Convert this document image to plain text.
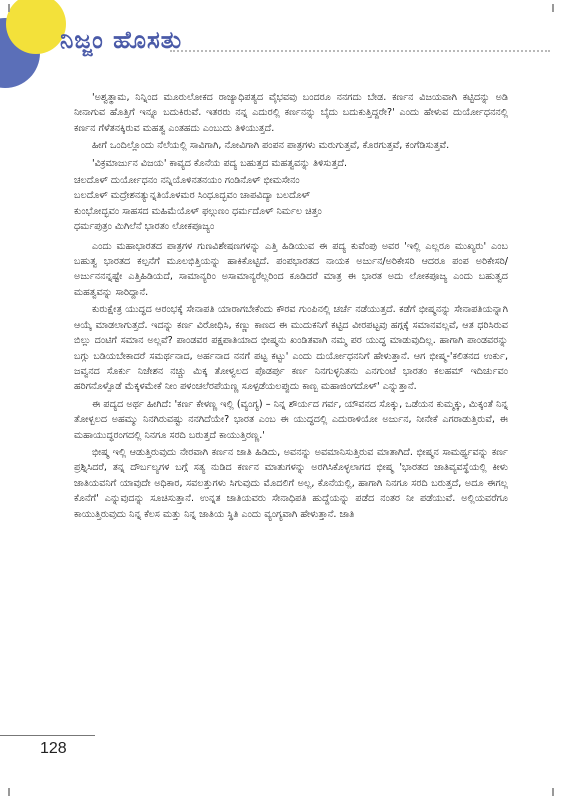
ನಿಜ್ಜಂ ಹೊಸತು

'ಅಶ್ವತ್ಥಾಮ, ನಿನ್ನಿಂದ ಮೂರುಲೋಕದ ರಾಜ್ಯಾಧಿಪತ್ಯದ ವೈಭವವು ಬಂದರೂ ನನಗದು ಬೇಡ. ಕರ್ಣನ ವಿಜಯವಾಗಿ ಕಟ್ಟಿದನ್ನು ಅಡಿ ನೀನಾಗುವ ಹೊತ್ತಿಗೆ ಇನ್ನೂ ಬದುಕಿರುವೆ. ಇತರರು ನನ್ನ ಎದುರಲ್ಲಿ ಕರ್ಣನನ್ನು ಬೈದು ಬದುಕುತ್ತಿದ್ದರೇ?' ಎಂದು ಹೇಳುವ ದುರ್ಯೋಧನನಲ್ಲಿ ಕರ್ಣನ ಗೆಳೆತನಕ್ಕಿರುವ ಮಹತ್ವ ಎಂತಹದು ಎಂಬುದು ತಿಳಿಯುತ್ತದೆ.

ಹೀಗೆ ಒಂದಿಲ್ಲೊಂದು ನೆಲೆಯಲ್ಲಿ ಸಾವಿಗಾಗಿ, ನೋವಿಗಾಗಿ ಪಂಪನ ಪಾತ್ರಗಳು ಮರುಗುತ್ತವೆ, ಕೊರಗುತ್ತವೆ, ಕಂಗೆಡಿಸುತ್ತವೆ.

'ವಿಕ್ರಮಾರ್ಜುನ ವಿಜಯ' ಕಾವ್ಯದ ಕೊನೆಯ ಪದ್ಯ ಬಹುತ್ತದ ಮಹತ್ವವನ್ನು ತಿಳಿಸುತ್ತದೆ.

ಚಲದೊಳ್ ದುರ್ಯೋಧನಂ ನನ್ನಿಯೊಳಿನತನಯಂ ಗಂಡಿನೊಳ್ ಭೀಮಸೇನಂ
ಬಲದೊಳ್ ಮದ್ರೇಶನತ್ಯುನ್ನತಿಯೊಳಮರ ಸಿಂಧೂದ್ಭವಂ ಚಾಪವಿದ್ಯಾ ಬಲದೊಳ್
ಕುಂಭೋದ್ಭವಂ ಸಾಹಸದ ಮಹಿಮೆಯೊಳ್ ಫಲ್ಗುಣಂ ಧರ್ಮದೊಳ್ ನಿರ್ಮಲ ಚಿತ್ತಂ
ಧರ್ಮಪುತ್ರಂ ಮಿಗಿಲೆನೆ ಭಾರತಂ ಲೋಕಪೂಜ್ಯಂ

ಎಂದು ಮಹಾಭಾರತದ ಪಾತ್ರಗಳ ಗುಣವಿಶೇಷಣಗಳನ್ನು ಎತ್ತಿ ಹಿಡಿಯುವ ಈ ಪದ್ಯ ಕುವೆಂಪು ಅವರ 'ಇಲ್ಲಿ ಎಲ್ಲರೂ ಮುಖ್ಯರು' ಎಂಬ ಬಹುತ್ವ ಭಾರತದ ಕಲ್ಪನೆಗೆ ಮೂಲಭಿತ್ತಿಯನ್ನು ಹಾಕಿಕೊಟ್ಟಿದೆ. ಪಂಪಭಾರತದ ನಾಯಕ ಅರ್ಜುನ/ಅರಿಕೇಸರಿ ಆದರೂ ಪಂಪ ಅರಿಕೇಸರಿ/ ಅರ್ಜುನನನ್ನಷ್ಟೇ ಎತ್ತಿಹಿಡಿಯದೆ, ಸಾಮಾನ್ಯರಿಂ ಅಸಾಮಾನ್ಯರೆಲ್ಲರಿಂದ ಕೂಡಿದರೆ ಮಾತ್ರ ಈ ಭಾರತ ಅದು ಲೋಕಪೂಜ್ಯ ಎಂದು ಬಹುತ್ವದ ಮಹತ್ವವನ್ನು ಸಾರಿದ್ದಾನೆ.

ಕುರುಕ್ಷೇತ್ರ ಯುದ್ಧದ ಆರಂಭಕ್ಕೆ ಸೇನಾಪತಿ ಯಾರಾಗಬೇಕೆಂದು ಕೌರವ ಗುಂಪಿನಲ್ಲಿ ಚರ್ಚೆ ನಡೆಯುತ್ತದೆ. ಕಡೆಗೆ ಭೀಷ್ಮನನ್ನು ಸೇನಾಪತಿಯನ್ನಾಗಿ ಆಯ್ಕೆ ಮಾಡಲಾಗುತ್ತದೆ. ಇದನ್ನು ಕರ್ಣ ವಿರೋಧಿಸಿ, ಕಣ್ಣು ಕಾಣದ ಈ ಮುದುಕನಿಗೆ ಕಟ್ಟಿದ ವೀರಪಟ್ಟವು ಹಗ್ಗಕ್ಕೆ ಸಮಾನವಲ್ಲವೆ, ಆತ ಧರಿಸಿರುವ ಬಿಲ್ಲು ದಂಟಿಗೆ ಸಮಾನ ಅಲ್ಲವೆ? ಪಾಂಡವರ ಪಕ್ಷಪಾತಿಯಾದ ಭೀಷ್ಮನು ಖಂಡಿತವಾಗಿ ನಮ್ಮ ಪರ ಯುದ್ಧ ಮಾಡುವುದಿಲ್ಲ. ಹಾಗಾಗಿ ಪಾಂಡವರನ್ನು ಬಗ್ಗು ಬಡಿಯಬೇಕಾದರೆ ಸಮರ್ಥನಾದ, ಅರ್ಹನಾದ ನನಗೆ ಪಟ್ಟ ಕಟ್ಟು' ಎಂದು ದುರ್ಯೋಧನನಿಗೆ ಹೇಳುತ್ತಾನೆ. ಆಗ ಭೀಷ್ಮ-'ಕಲಿತನದ ಉರ್ಕು, ಜವ್ವನದ ಸೊರ್ಕು ನಿಜೇಶನ ನಚ್ಚು ಮಿಕ್ಕ ತೋಳ್ವಲದ ಪೊಡರ್ಪು ಕರ್ಣ ನಿನಗುಳ್ಳನಿತನು ಎನಗುಂಟೆ ಭಾರತಂ ಕಲಹಮ್ ಇದಿರ್ಚುವಂ ಹರಿಗನೊಳ್ಪೊಡೆ ಮೆಕ್ಕಳಮೇಕೆ ನೀಂ ಪಳಂಚಲೆರಪೆಯಣ್ಣ ಸೂಳ್ಪಡೆಯಲಪ್ಪುದು ಕಾಣ್ಬ ಮಹಾಜಿಂಗದೊಳ್' ಎನ್ನುತ್ತಾನೆ.

ಈ ಪದ್ಯದ ಅರ್ಥ ಹೀಗಿದೆ: 'ಕರ್ಣ ಕೇಳಣ್ಣ ಇಲ್ಲಿ (ವ್ಯಂಗ್ಯ) – ನಿನ್ನ ಶೌರ್ಯದ ಗರ್ವ, ಯೌವನದ ಸೊಕ್ಕು, ಒಡೆಯನ ಕುಮ್ಮಕ್ಕು, ಮಿಕ್ಕಂತೆ ನಿನ್ನ ತೋಳ್ಬಲದ ಅಹಮ್ಮು ನಿನಗಿರುವಷ್ಟು ನನಗಿದೆಯೇ? ಭಾರತ ಎಂಬ ಈ ಯುದ್ಧದಲ್ಲಿ ಎದುರಾಳಿಯೋ ಅರ್ಜುನ, ನೀನೇಕೆ ಎಗರಾಡುತ್ತಿರುವೆ, ಈ ಮಹಾಯುದ್ಧರಂಗದಲ್ಲಿ ನಿನಗೂ ಸರದಿ ಬರುತ್ತದೆ ಕಾಯುತ್ತಿರಣ್ಣ.'

ಭೀಷ್ಮ ಇಲ್ಲಿ ಆಡುತ್ತಿರುವುದು ನೇರವಾಗಿ ಕರ್ಣನ ಜಾತಿ ಹಿಡಿದು, ಅವನನ್ನು ಅವಮಾನಿಸುತ್ತಿರುವ ಮಾತಾಗಿದೆ. ಭೀಷ್ಮನ ಸಾಮರ್ಥ್ಯವನ್ನು ಕರ್ಣ ಪ್ರಶ್ನಿಸಿದರೆ, ತನ್ನ ದೌರ್ಬಲ್ಯಗಳ ಬಗ್ಗೆ ಸತ್ಯ ನುಡಿದ ಕರ್ಣನ ಮಾತುಗಳನ್ನು ಅರಗಿಸಿಕೊಳ್ಳಲಾಗದ ಭೀಷ್ಮ 'ಭಾರತದ ಜಾತಿವ್ಯವಸ್ಥೆಯಲ್ಲಿ ಕೀಳು ಜಾತಿಯವನಿಗೆ ಯಾವುದೇ ಅಧಿಕಾರ, ಸವಲತ್ತುಗಳು ಸಿಗುವುದು ಮೊದಲಿಗೆ ಅಲ್ಲ, ಕೊನೆಯಲ್ಲಿ, ಹಾಗಾಗಿ ನಿನಗೂ ಸರದಿ ಬರುತ್ತದೆ, ಅದೂ ಈಗಲ್ಲ ಕೊನೆಗೆ' ಎನ್ನುವುದನ್ನು ಸೂಚಿಸುತ್ತಾನೆ. ಉನ್ನತ ಜಾತಿಯವರು ಸೇನಾಧಿಪತಿ ಹುದ್ದೆಯನ್ನು ಪಡೆದ ನಂತರ ನೀ ಪಡೆಯುವೆ. ಅಲ್ಲಿಯವರೆಗೂ ಕಾಯುತ್ತಿರುವುದು ನಿನ್ನ ಕೆಲಸ ಮತ್ತು ನಿನ್ನ ಜಾತಿಯ ಸ್ಥಿತಿ ಎಂದು ವ್ಯಂಗ್ಯವಾಗಿ ಹೇಳುತ್ತಾನೆ. ಜಾತಿ

128
